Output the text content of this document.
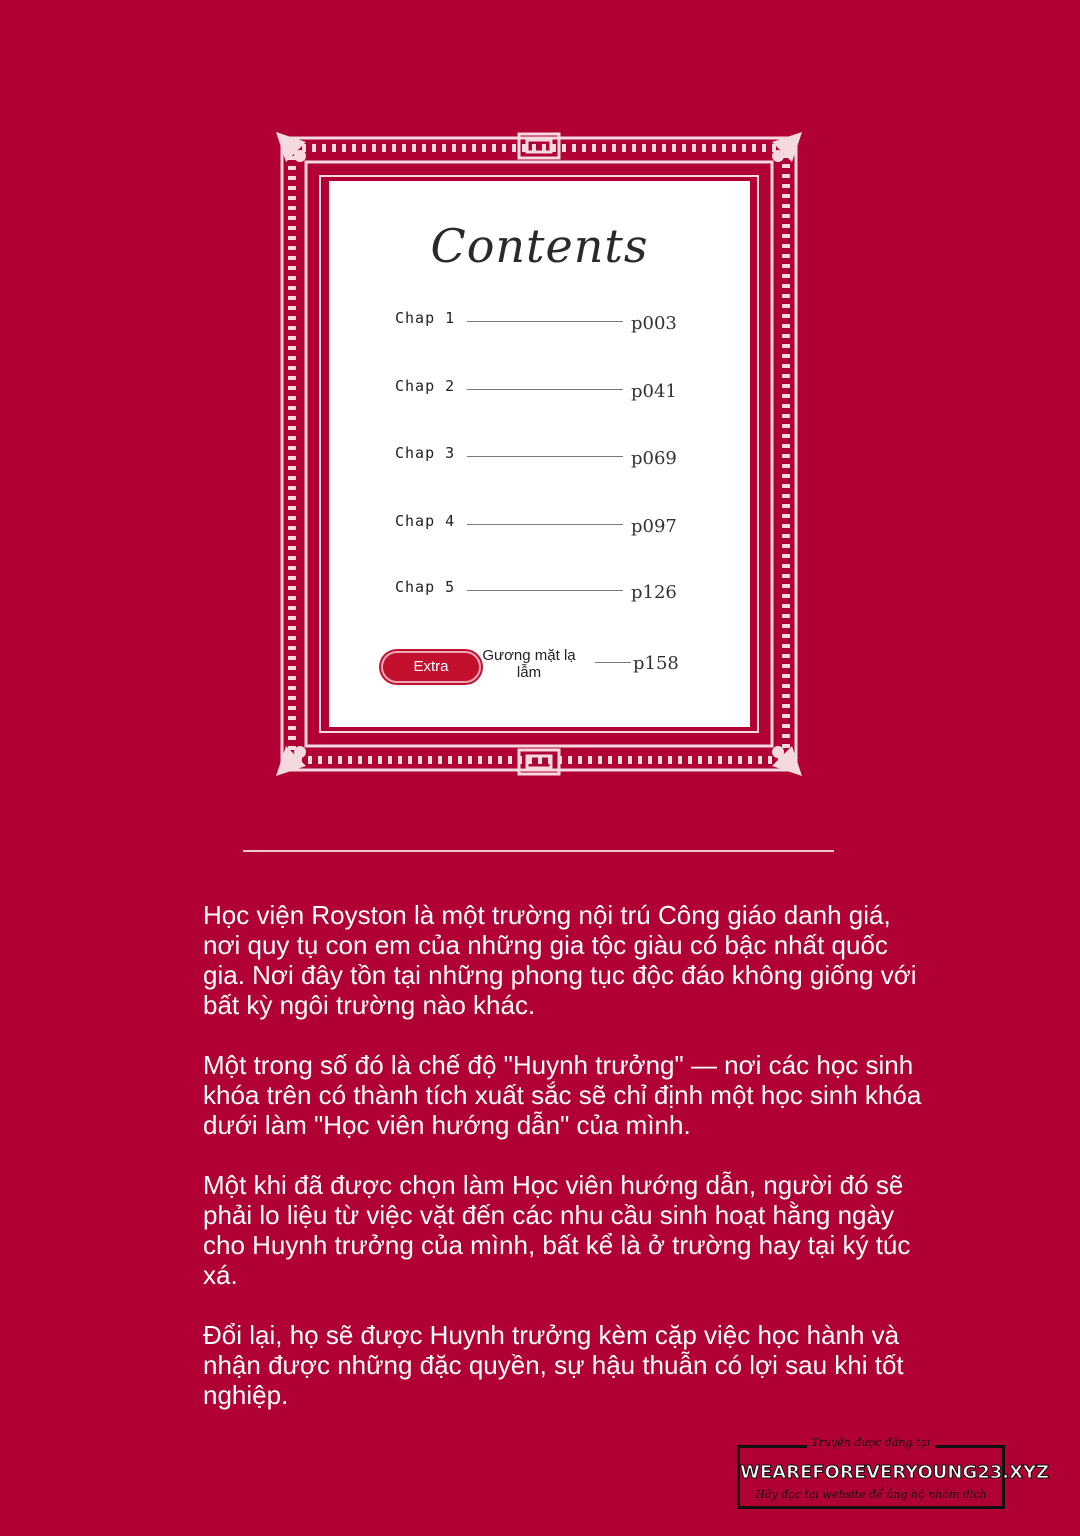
Contents
Chap 1	p003
Chap 2	p041
Chap 3	p069
Chap 4	p097
Chap 5	p126
Extra
Gương mặt lạ lẫm	p158

Học viện Royston là một trường nội trú Công giáo danh giá, nơi quy tụ con em của những gia tộc giàu có bậc nhất quốc gia. Nơi đây tồn tại những phong tục độc đáo không giống với bất kỳ ngôi trường nào khác.

Một trong số đó là chế độ "Huynh trưởng" — nơi các học sinh khóa trên có thành tích xuất sắc sẽ chỉ định một học sinh khóa dưới làm "Học viên hướng dẫn" của mình.

Một khi đã được chọn làm Học viên hướng dẫn, người đó sẽ phải lo liệu từ việc vặt đến các nhu cầu sinh hoạt hằng ngày cho Huynh trưởng của mình, bất kể là ở trường hay tại ký túc xá.

Đổi lại, họ sẽ được Huynh trưởng kèm cặp việc học hành và nhận được những đặc quyền, sự hậu thuẫn có lợi sau khi tốt nghiệp.

Truyện được đăng tại
WEAREFOREVERYOUNG23.XYZ
Hãy đọc tại website để ủng hộ nhóm dịch
